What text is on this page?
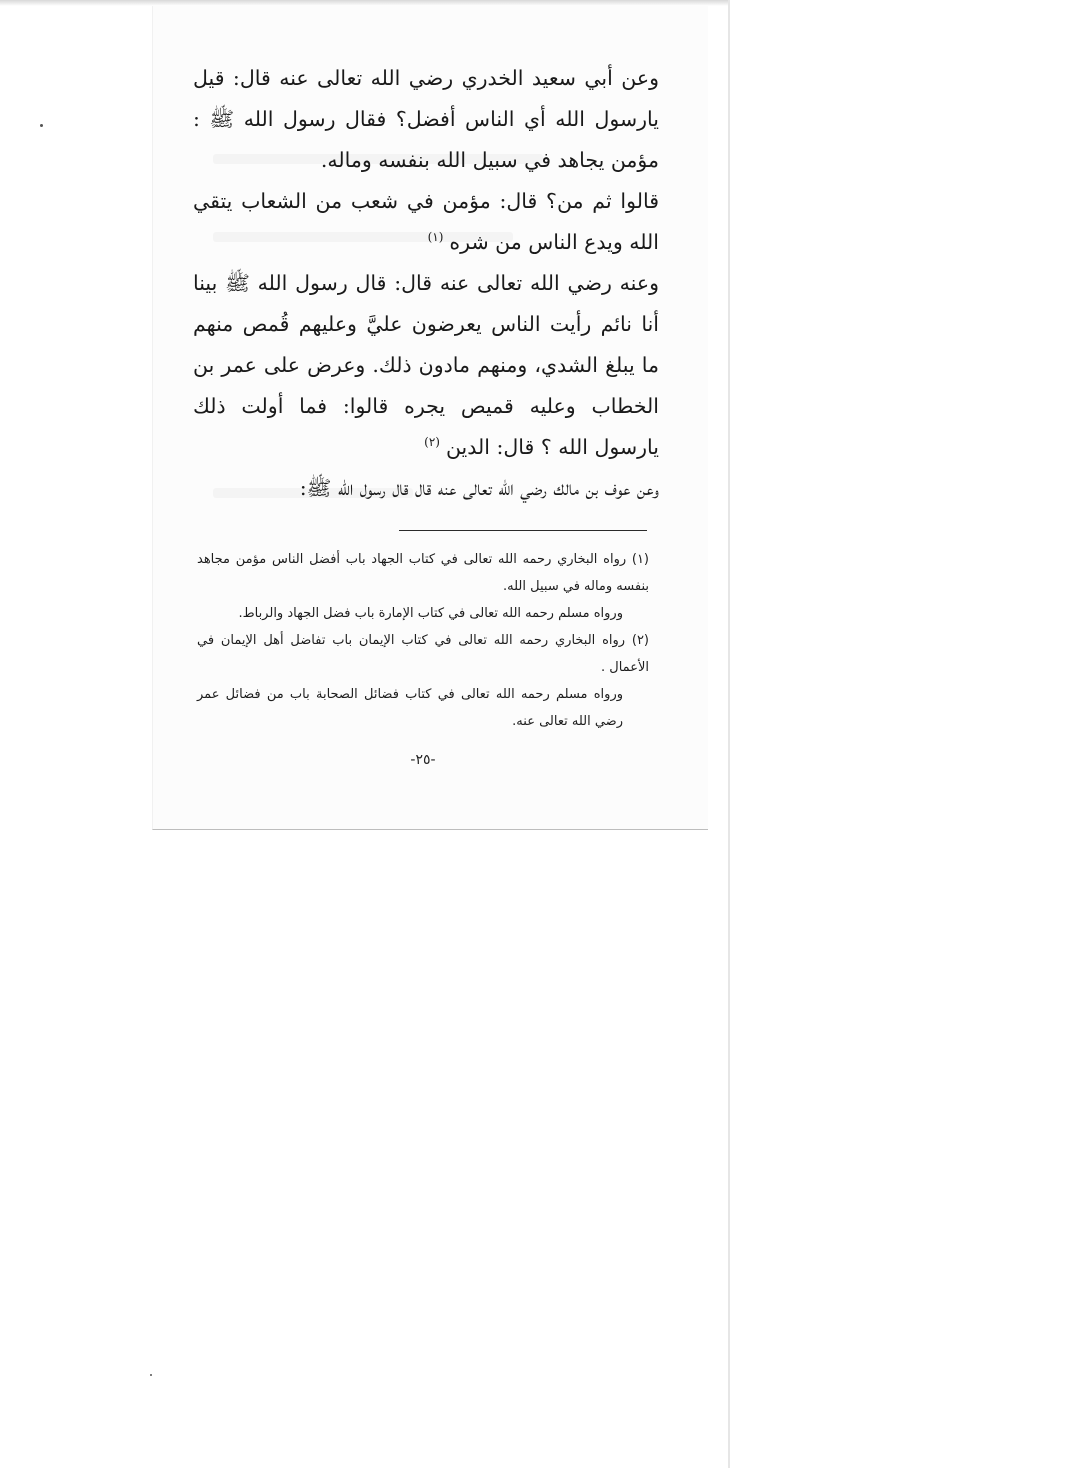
وعن أبي سعيد الخدري رضي الله تعالى عنه قال: قيل يارسول الله أي الناس أفضل؟ فقال رسول الله ﷺ : مؤمن يجاهد في سبيل الله بنفسه وماله.

قالوا ثم من؟ قال: مؤمن في شعب من الشعاب يتقي الله ويدع الناس من شره$^{(١)}$

وعنه رضي الله تعالى عنه قال: قال رسول الله ﷺ بينا أنا نائم رأيت الناس يعرضون عليَّ وعليهم قُمص منهم ما يبلغ الشدي، ومنهم مادون ذلك. وعرض على عمر بن الخطاب وعليه قميص يجره قالوا: فما أولت ذلك يارسول الله ؟ قال: الدين$^{(٢)}$

وعن عوف بن مالك رضي الله تعالى عنه قال قال رسول الله ﷺ:

(١) رواه البخاري رحمه الله تعالى في كتاب الجهاد باب أفضل الناس مؤمن مجاهد بنفسه وماله في سبيل الله.

ورواه مسلم رحمه الله تعالى في كتاب الإمارة باب فضل الجهاد والرباط.

(٢) رواه البخاري رحمه الله تعالى في كتاب الإيمان باب تفاضل أهل الإيمان في الأعمال .

ورواه مسلم رحمه الله تعالى في كتاب فضائل الصحابة باب من فضائل عمر رضي الله تعالى عنه.

-٢٥-
